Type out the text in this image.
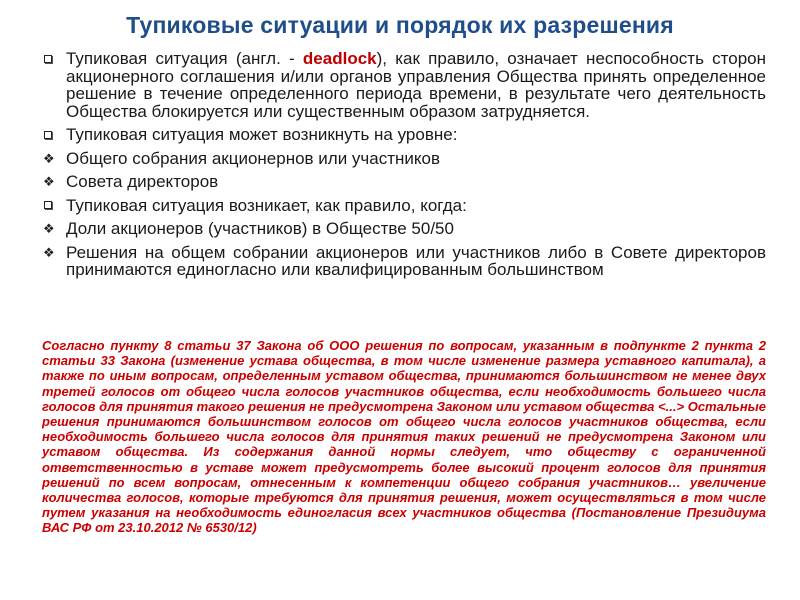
Тупиковые ситуации и порядок их разрешения
Тупиковая ситуация (англ. - deadlock), как правило, означает неспособность сторон акционерного соглашения и/или органов управления Общества принять определенное решение в течение определенного периода времени, в результате чего деятельность Общества блокируется или существенным образом затрудняется.
Тупиковая ситуация может возникнуть на уровне:
❖ Общего собрания акционернов или участников
❖ Совета директоров
Тупиковая ситуация возникает, как правило, когда:
❖ Доли акционеров (участников) в Обществе 50/50
❖ Решения на общем собрании акционеров или участников либо в Совете директоров принимаются единогласно или квалифицированным большинством
Согласно пункту 8 статьи 37 Закона об ООО решения по вопросам, указанным в подпункте 2 пункта 2 статьи 33 Закона (изменение устава общества, в том числе изменение размера уставного капитала), а также по иным вопросам, определенным уставом общества, принимаются большинством не менее двух третей голосов от общего числа голосов участников общества, если необходимость большего числа голосов для принятия такого решения не предусмотрена Законом или уставом общества <...> Остальные решения принимаются большинством голосов от общего числа голосов участников общества, если необходимость большего числа голосов для принятия таких решений не предусмотрена Законом или уставом общества. Из содержания данной нормы следует, что обществу с ограниченной ответственностью в уставе может предусмотреть более высокий процент голосов для принятия решений по всем вопросам, отнесенным к компетенции общего собрания участников… увеличение количества голосов, которые требуются для принятия решения, может осуществляться в том числе путем указания на необходимость единогласия всех участников общества (Постановление Президиума ВАС РФ от 23.10.2012 № 6530/12)
